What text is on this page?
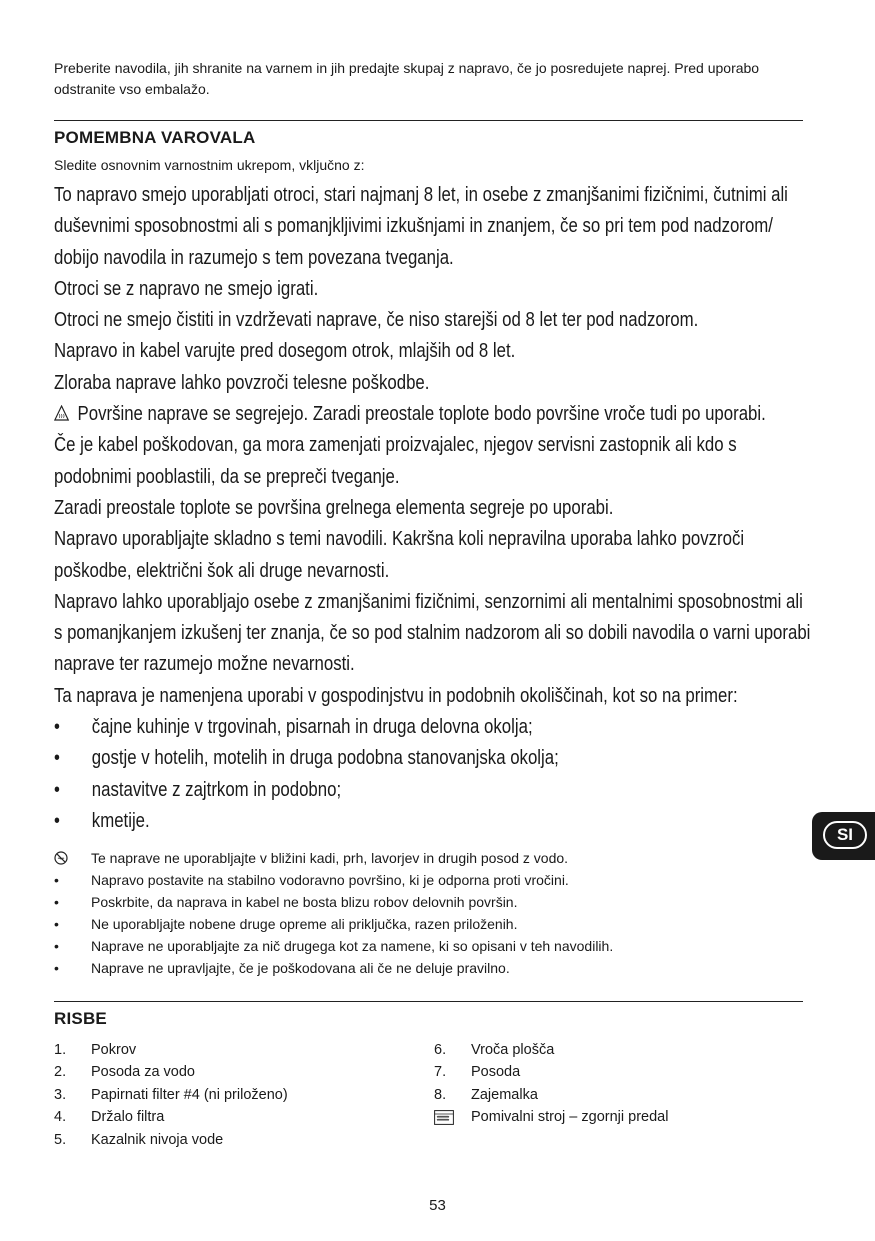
Preberite navodila, jih shranite na varnem in jih predajte skupaj z napravo, če jo posredujete naprej. Pred uporabo odstranite vso embalažo.
POMEMBNA VAROVALA
Sledite osnovnim varnostnim ukrepom, vključno z:

To napravo smejo uporabljati otroci, stari najmanj 8 let, in osebe z zmanjšanimi fizičnimi, čutnimi ali duševnimi sposobnostmi ali s pomanjkljivimi izkušnjami in znanjem, če so pri tem pod nadzorom/ dobijo navodila in razumejo s tem povezana tveganja.

Otroci se z napravo ne smejo igrati.

Otroci ne smejo čistiti in vzdrževati naprave, če niso starejši od 8 let ter pod nadzorom.

Napravo in kabel varujte pred dosegom otrok, mlajših od 8 let.

Zloraba naprave lahko povzroči telesne poškodbe.

Površine naprave se segrejejo. Zaradi preostale toplote bodo površine vroče tudi po uporabi.

Če je kabel poškodovan, ga mora zamenjati proizvajalec, njegov servisni zastopnik ali kdo s podobnimi pooblastili, da se prepreči tveganje.

Zaradi preostale toplote se površina grelnega elementa segreje po uporabi.

Napravo uporabljajte skladno s temi navodili. Kakršna koli nepravilna uporaba lahko povzroči poškodbe, električni šok ali druge nevarnosti.

Napravo lahko uporabljajo osebe z zmanjšanimi fizičnimi, senzornimi ali mentalnimi sposobnostmi ali s pomanjkanjem izkušenj ter znanja, če so pod stalnim nadzorom ali so dobili navodila o varni uporabi naprave ter razumejo možne nevarnosti.

Ta naprava je namenjena uporabi v gospodinjstvu in podobnih okoliščinah, kot so na primer:

• čajne kuhinje v trgovinah, pisarnah in druga delovna okolja;
• gostje v hotelih, motelih in druga podobna stanovanjska okolja;
• nastavitve z zajtrkom in podobno;
• kmetije.
Te naprave ne uporabljajte v bližini kadi, prh, lavorjev in drugih posod z vodo.
• Napravo postavite na stabilno vodoravno površino, ki je odporna proti vročini.
• Poskrbite, da naprava in kabel ne bosta blizu robov delovnih površin.
• Ne uporabljajte nobene druge opreme ali priključka, razen priloženih.
• Naprave ne uporabljajte za nič drugega kot za namene, ki so opisani v teh navodilih.
• Naprave ne upravljajte, če je poškodovana ali če ne deluje pravilno.
RISBE
1. Pokrov
2. Posoda za vodo
3. Papirnati filter #4 (ni priloženo)
4. Držalo filtra
5. Kazalnik nivoja vode
6. Vroča plošča
7. Posoda
8. Zajemalka
Pomivalni stroj – zgornji predal
SI
53
